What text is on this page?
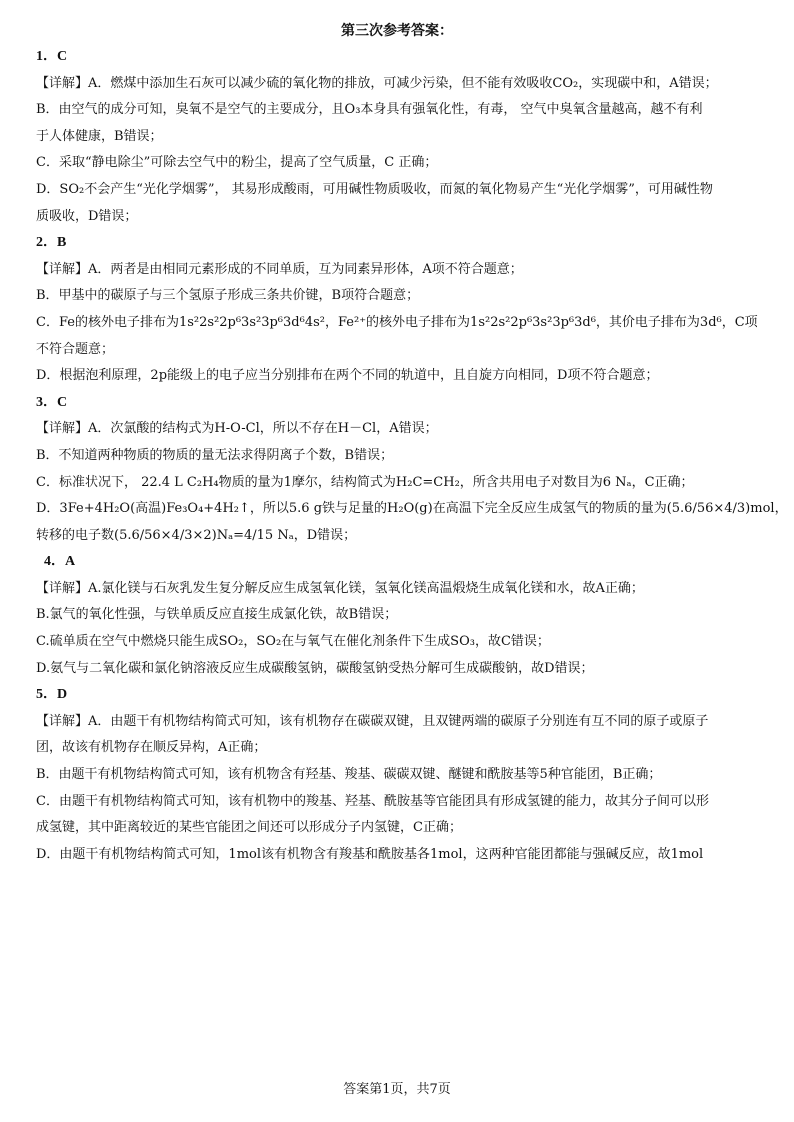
第三次参考答案：
1．C
【详解】A．燃煤中添加生石灰可以减少硫的氧化物的排放，可减少污染，但不能有效吸收CO₂，实现碳中和，A错误；
B．由空气的成分可知，臭氧不是空气的主要成分，且O₃本身具有强氧化性，有毒， 空气中臭氧含量越高，越不有利
于人体健康，B错误；
C．采取“静电除尘”可除去空气中的粉尘，提高了空气质量，C 正确；
D．SO₂不会产生“光化学烟雾”， 其易形成酸雨，可用碱性物质吸收，而氮的氧化物易产生“光化学烟雾”，可用碱性物
质吸收，D错误；
2．B
【详解】A．两者是由相同元素形成的不同单质，互为同素异形体，A项不符合题意；
B．甲基中的碳原子与三个氢原子形成三条共价键，B项符合题意；
C．Fe的核外电子排布为1s²2s²2p⁶3s²3p⁶3d⁶4s²，Fe²⁺的核外电子排布为1s²2s²2p⁶3s²3p⁶3d⁶，其价电子排布为3d⁶，C项
不符合题意；
D．根据泡利原理，2p能级上的电子应当分别排布在两个不同的轨道中，且自旋方向相同，D项不符合题意；
3．C
【详解】A．次氯酸的结构式为H-O-Cl，所以不存在H－Cl，A错误；
B．不知道两种物质的物质的量无法求得阴离子个数，B错误；
C．标准状况下， 22.4 L C₂H₄物质的量为1摩尔，结构简式为H₂C=CH₂，所含共用电子对数目为6 Nₐ，C正确；
D．3Fe+4H₂O(高温)Fe₃O₄+4H₂↑，所以5.6 g铁与足量的H₂O(g)在高温下完全反应生成氢气的物质的量为(5.6/56×4/3)mol，
转移的电子数(5.6/56×4/3×2)Nₐ=4/15 Nₐ，D错误；
4．A
【详解】A.氯化镁与石灰乳发生复分解反应生成氢氧化镁，氢氧化镁高温煅烧生成氧化镁和水，故A正确；
B.氯气的氧化性强，与铁单质反应直接生成氯化铁，故B错误；
C.硫单质在空气中燃烧只能生成SO₂，SO₂在与氧气在催化剂条件下生成SO₃，故C错误；
D.氨气与二氧化碳和氯化钠溶液反应生成碳酸氢钠，碳酸氢钠受热分解可生成碳酸钠，故D错误；
5．D
【详解】A．由题干有机物结构简式可知，该有机物存在碳碳双键，且双键两端的碳原子分别连有互不同的原子或原子
团，故该有机物存在顺反异构，A正确；
B．由题干有机物结构简式可知，该有机物含有羟基、羧基、碳碳双键、醚键和酰胺基等5种官能团，B正确；
C．由题干有机物结构简式可知，该有机物中的羧基、羟基、酰胺基等官能团具有形成氢键的能力，故其分子间可以形
成氢键，其中距离较近的某些官能团之间还可以形成分子内氢键，C正确；
D．由题干有机物结构简式可知，1mol该有机物含有羧基和酰胺基各1mol，这两种官能团都能与强碱反应，故1mol
答案第1页，共7页
